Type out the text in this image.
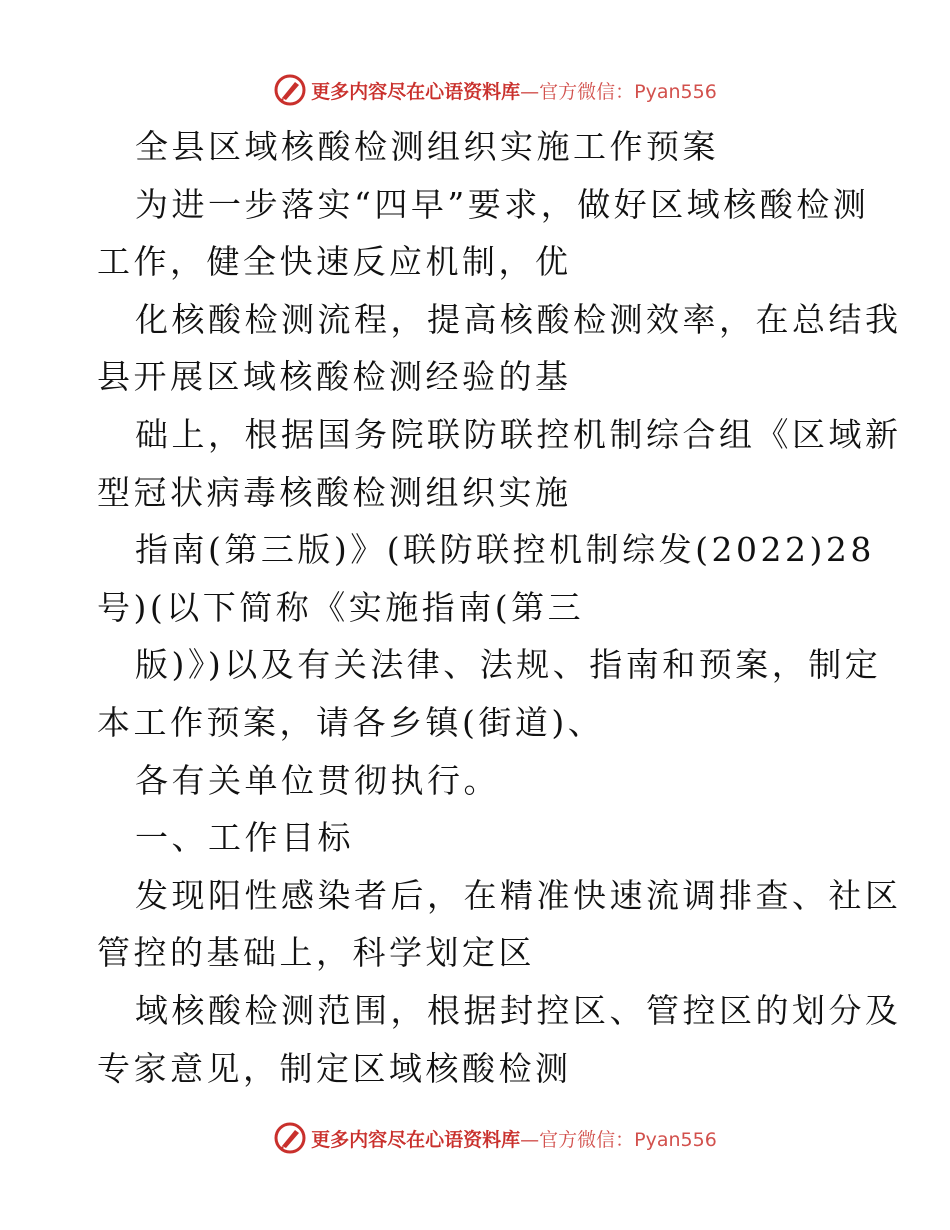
更多内容尽在心语资料库—官方微信：Pyan556
全县区域核酸检测组织实施工作预案
为进一步落实“四早”要求，做好区域核酸检测
工作，健全快速反应机制，优
化核酸检测流程，提高核酸检测效率，在总结我
县开展区域核酸检测经验的基
础上，根据国务院联防联控机制综合组《区域新
型冠状病毒核酸检测组织实施
指南(第三版)》(联防联控机制综发(2022)28
号)(以下简称《实施指南(第三
版)》)以及有关法律、法规、指南和预案，制定
本工作预案，请各乡镇(街道)、
各有关单位贯彻执行。
一、工作目标
发现阳性感染者后，在精准快速流调排查、社区
管控的基础上，科学划定区
域核酸检测范围，根据封控区、管控区的划分及
专家意见，制定区域核酸检测
更多内容尽在心语资料库—官方微信：Pyan556
